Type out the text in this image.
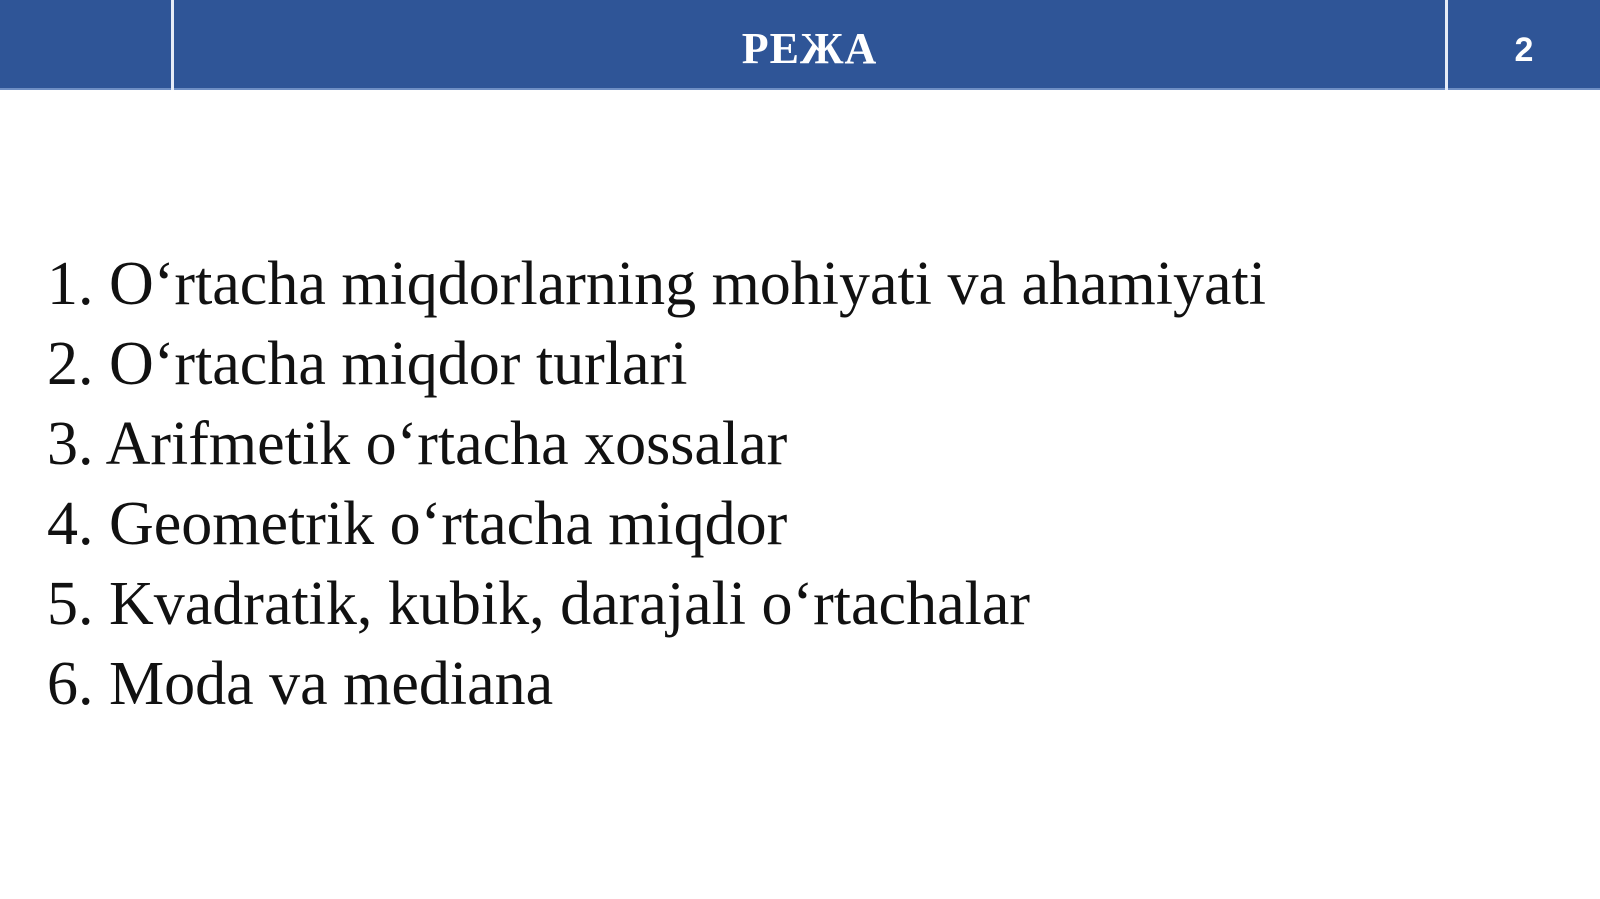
РЕЖА	2
1. O‘rtacha miqdorlarning mohiyati va ahamiyati
2. O‘rtacha miqdor turlari
3. Arifmetik o‘rtacha xossalar
4. Geometrik o‘rtacha miqdor
5. Kvadratik, kubik, darajali o‘rtachalar
6. Moda va mediana
